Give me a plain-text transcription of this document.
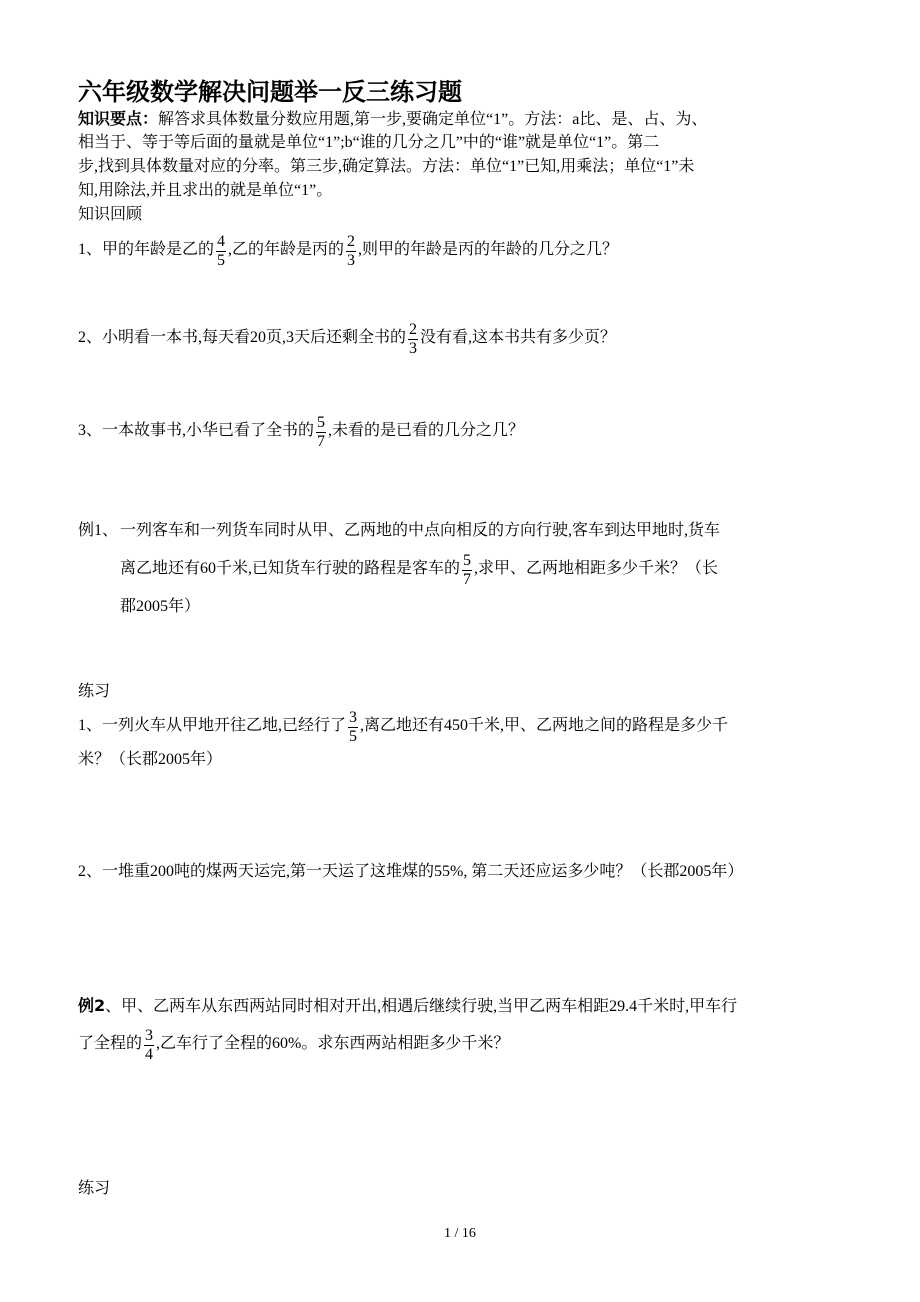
六年级数学解决问题举一反三练习题
知识要点：解答求具体数量分数应用题,第一步,要确定单位“1”。方法：a比、是、占、为、
相当于、等于等后面的量就是单位“1”;b“谁的几分之几”中的“谁”就是单位“1”。第二
步,找到具体数量对应的分率。第三步,确定算法。方法：单位“1”已知,用乘法；单位“1”未
知,用除法,并且求出的就是单位“1”。
知识回顾
1、甲的年龄是乙的 $\frac{4}{5}$ ,乙的年龄是丙的 $\frac{2}{3}$ ,则甲的年龄是丙的年龄的几分之几？
2、小明看一本书,每天看20页,3天后还剩全书的 $\frac{2}{3}$ 没有看,这本书共有多少页？
3、一本故事书,小华已看了全书的 $\frac{5}{7}$ ,未看的是已看的几分之几？
例1、 一列客车和一列货车同时从甲、乙两地的中点向相反的方向行驶,客车到达甲地时,货车
离乙地还有60千米,已知货车行驶的路程是客车的 $\frac{5}{7}$ ,求甲、乙两地相距多少千米？（长
郡2005年）
练习
1、一列火车从甲地开往乙地,已经行了 $\frac{3}{5}$ ,离乙地还有450千米,甲、乙两地之间的路程是多少千
米？（长郡2005年）
2、一堆重200吨的煤两天运完,第一天运了这堆煤的55%, 第二天还应运多少吨？（长郡2005年）
例2、甲、乙两车从东西两站同时相对开出,相遇后继续行驶,当甲乙两车相距29.4千米时,甲车行
了全程的 $\frac{3}{4}$ ,乙车行了全程的60%。求东西两站相距多少千米？
练习
1 / 16
